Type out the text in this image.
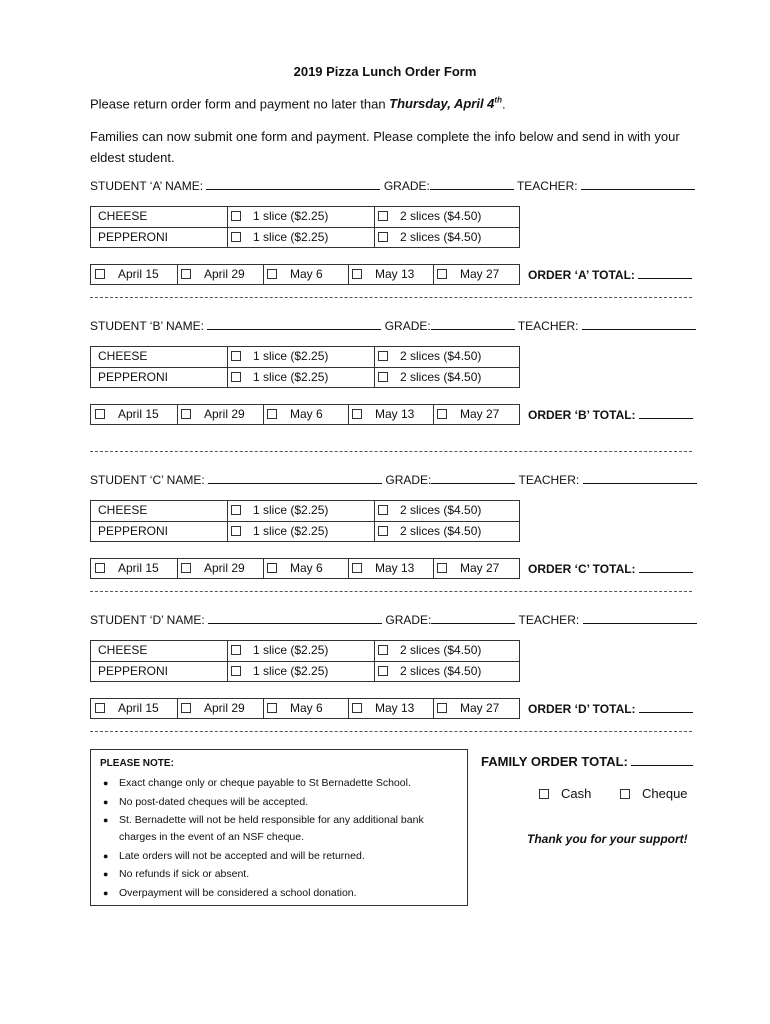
2019 Pizza Lunch Order Form
Please return order form and payment no later than Thursday, April 4th.
Families can now submit one form and payment. Please complete the info below and send in with your eldest student.
STUDENT ‘A’ NAME:	GRADE:	TEACHER:
CHEESE	1 slice ($2.25)	2 slices ($4.50)
PEPPERONI	1 slice ($2.25)	2 slices ($4.50)
April 15	April 29	May 6	May 13	May 27 ORDER ‘A’ TOTAL:
STUDENT ‘B’ NAME:	GRADE:	TEACHER:
CHEESE	1 slice ($2.25)	2 slices ($4.50)
PEPPERONI	1 slice ($2.25)	2 slices ($4.50)
April 15	April 29	May 6	May 13	May 27 ORDER ‘B’ TOTAL:
STUDENT ‘C’ NAME:	GRADE:	TEACHER:
CHEESE	1 slice ($2.25)	2 slices ($4.50)
PEPPERONI	1 slice ($2.25)	2 slices ($4.50)
April 15	April 29	May 6	May 13	May 27 ORDER ‘C’ TOTAL:
STUDENT ‘D’ NAME:	GRADE:	TEACHER:
CHEESE	1 slice ($2.25)	2 slices ($4.50)
PEPPERONI	1 slice ($2.25)	2 slices ($4.50)
April 15	April 29	May 6	May 13	May 27 ORDER ‘D’ TOTAL:
PLEASE NOTE:
● Exact change only or cheque payable to St Bernadette School.
● No post-dated cheques will be accepted.
● St. Bernadette will not be held responsible for any additional bank charges in the event of an NSF cheque.
● Late orders will not be accepted and will be returned.
● No refunds if sick or absent.
● Overpayment will be considered a school donation.
FAMILY ORDER TOTAL:
Cash	Cheque
Thank you for your support!
